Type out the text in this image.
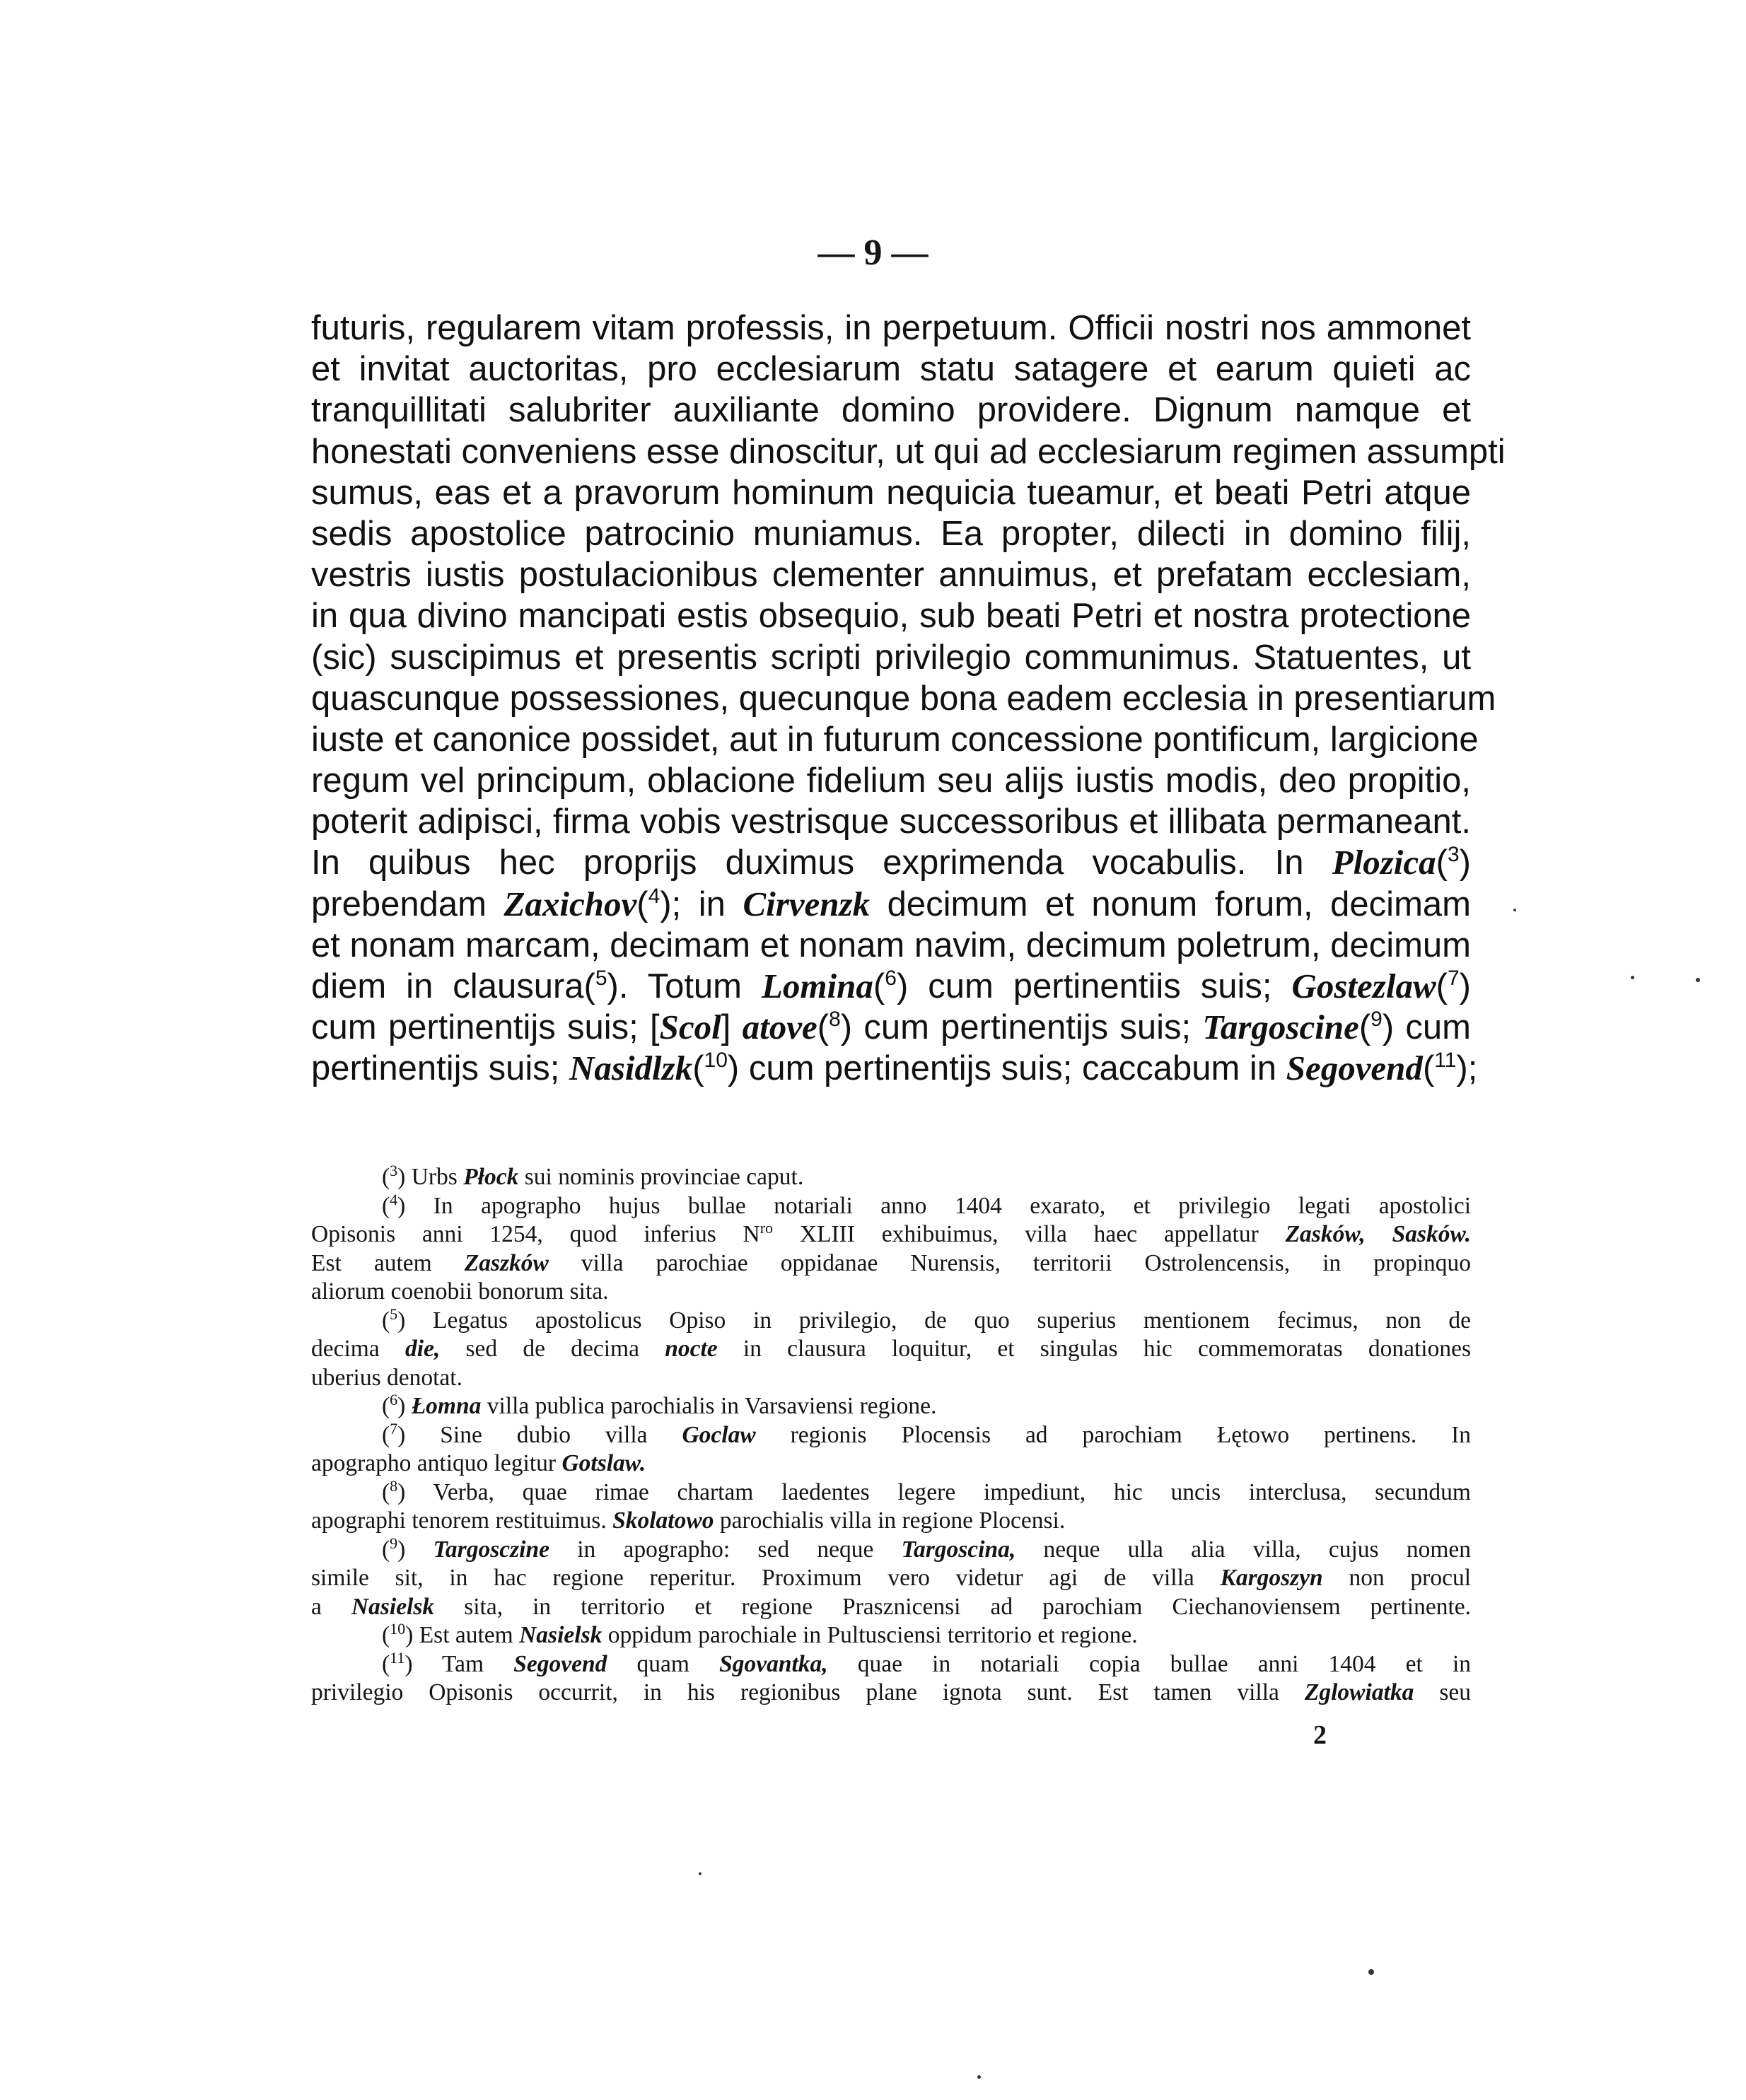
— 9 —
futuris, regularem vitam professis, in perpetuum. Officii nostri nos ammonet
et invitat auctoritas, pro ecclesiarum statu satagere et earum quieti ac
tranquillitati salubriter auxiliante domino providere. Dignum namque et
honestati conveniens esse dinoscitur, ut qui ad ecclesiarum regimen assumpti
sumus, eas et a pravorum hominum nequicia tueamur, et beati Petri atque
sedis apostolice patrocinio muniamus. Ea propter, dilecti in domino filij,
vestris iustis postulacionibus clementer annuimus, et prefatam ecclesiam,
in qua divino mancipati estis obsequio, sub beati Petri et nostra protectione
(sic) suscipimus et presentis scripti privilegio communimus. Statuentes, ut
quascunque possessiones, quecunque bona eadem ecclesia in presentiarum
iuste et canonice possidet, aut in futurum concessione pontificum, largicione
regum vel principum, oblacione fidelium seu alijs iustis modis, deo propitio,
poterit adipisci, firma vobis vestrisque successoribus et illibata permaneant.
In quibus hec proprijs duximus exprimenda vocabulis. In Plozica($^3$)
prebendam Zaxichov($^4$); in Cirvenzk decimum et nonum forum, decimam
et nonam marcam, decimam et nonam navim, decimum poletrum, decimum
diem in clausura($^5$). Totum Lomina($^6$) cum pertinentiis suis; Gostezlaw($^7$)
cum pertinentijs suis; [Scol] atove($^8$) cum pertinentijs suis; Targoscine($^9$) cum
pertinentijs suis; Nasidlzk($^{10}$) cum pertinentijs suis; caccabum in Segovend($^{11}$);
($^3$) Urbs Płock sui nominis provinciae caput.
($^4$) In apographo hujus bullae notariali anno 1404 exarato, et privilegio legati apostolici
Opisonis anni 1254, quod inferius $N^{ro}$ XLIII exhibuimus, villa haec appellatur Zasków, Sasków.
Est autem Zaszków villa parochiae oppidanae Nurensis, territorii Ostrolencensis, in propinquo
aliorum coenobii bonorum sita.
($^5$) Legatus apostolicus Opiso in privilegio, de quo superius mentionem fecimus, non de
decima die, sed de decima nocte in clausura loquitur, et singulas hic commemoratas donationes
uberius denotat.
($^6$) Łomna villa publica parochialis in Varsaviensi regione.
($^7$) Sine dubio villa Goclaw regionis Plocensis ad parochiam Łętowo pertinens. In
apographo antiquo legitur Gotslaw.
($^8$) Verba, quae rimae chartam laedentes legere impediunt, hic uncis interclusa, secundum
apographi tenorem restituimus. Skolatowo parochialis villa in regione Plocensi.
($^9$) Targosczine in apographo: sed neque Targoscina, neque ulla alia villa, cujus nomen
simile sit, in hac regione reperitur. Proximum vero videtur agi de villa Kargoszyn non procul
a Nasielsk sita, in territorio et regione Prasznicensi ad parochiam Ciechanoviensem pertinente.
($^{10}$) Est autem Nasielsk oppidum parochiale in Pultusciensi territorio et regione.
($^{11}$) Tam Segovend quam Sgovantka, quae in notariali copia bullae anni 1404 et in
privilegio Opisonis occurrit, in his regionibus plane ignota sunt. Est tamen villa Zglowiatka seu
2
